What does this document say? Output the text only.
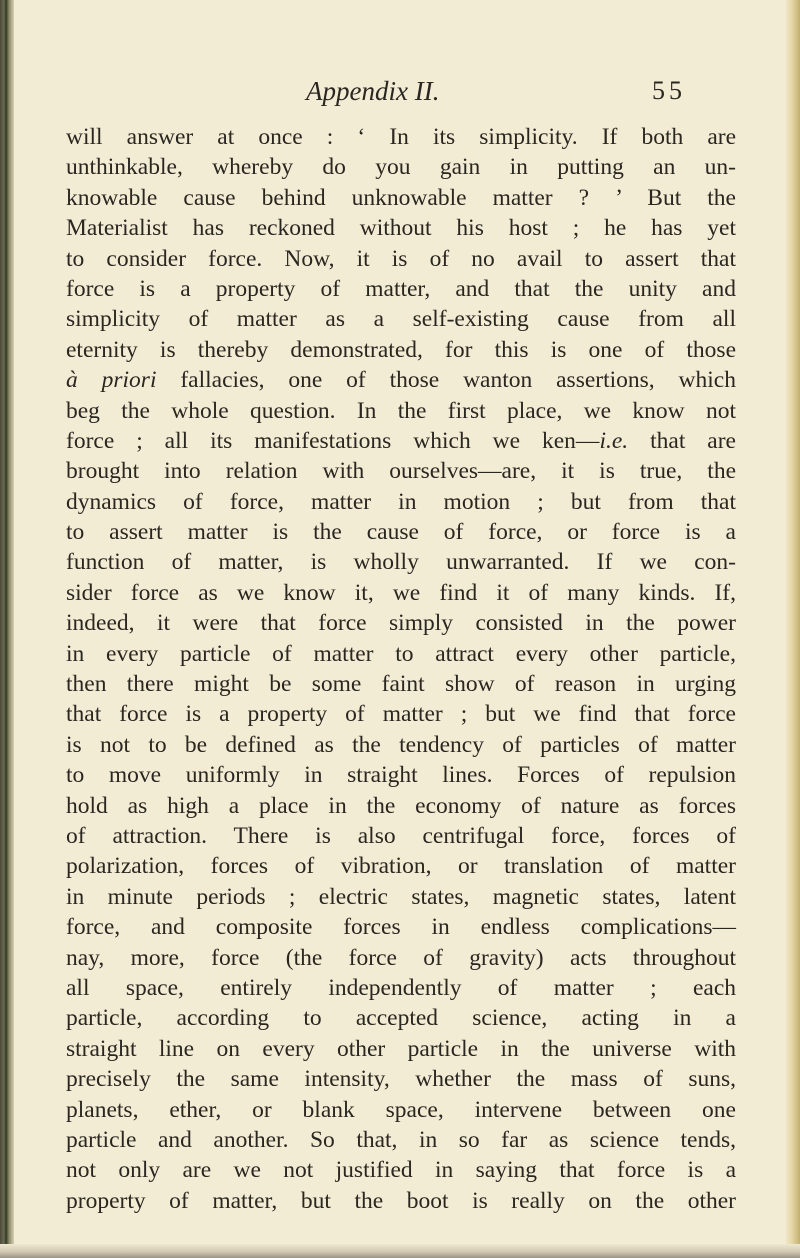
Appendix II.	55
will answer at once : ‘ In its simplicity. If both are
unthinkable, whereby do you gain in putting an un-
knowable cause behind unknowable matter ? ’ But the
Materialist has reckoned without his host ; he has yet
to consider force. Now, it is of no avail to assert that
force is a property of matter, and that the unity and
simplicity of matter as a self-existing cause from all
eternity is thereby demonstrated, for this is one of those
à priori fallacies, one of those wanton assertions, which
beg the whole question. In the first place, we know not
force ; all its manifestations which we ken—i.e. that are
brought into relation with ourselves—are, it is true, the
dynamics of force, matter in motion ; but from that
to assert matter is the cause of force, or force is a
function of matter, is wholly unwarranted. If we con-
sider force as we know it, we find it of many kinds. If,
indeed, it were that force simply consisted in the power
in every particle of matter to attract every other particle,
then there might be some faint show of reason in urging
that force is a property of matter ; but we find that force
is not to be defined as the tendency of particles of matter
to move uniformly in straight lines. Forces of repulsion
hold as high a place in the economy of nature as forces
of attraction. There is also centrifugal force, forces of
polarization, forces of vibration, or translation of matter
in minute periods ; electric states, magnetic states, latent
force, and composite forces in endless complications—
nay, more, force (the force of gravity) acts throughout
all space, entirely independently of matter ; each
particle, according to accepted science, acting in a
straight line on every other particle in the universe with
precisely the same intensity, whether the mass of suns,
planets, ether, or blank space, intervene between one
particle and another. So that, in so far as science tends,
not only are we not justified in saying that force is a
property of matter, but the boot is really on the other
